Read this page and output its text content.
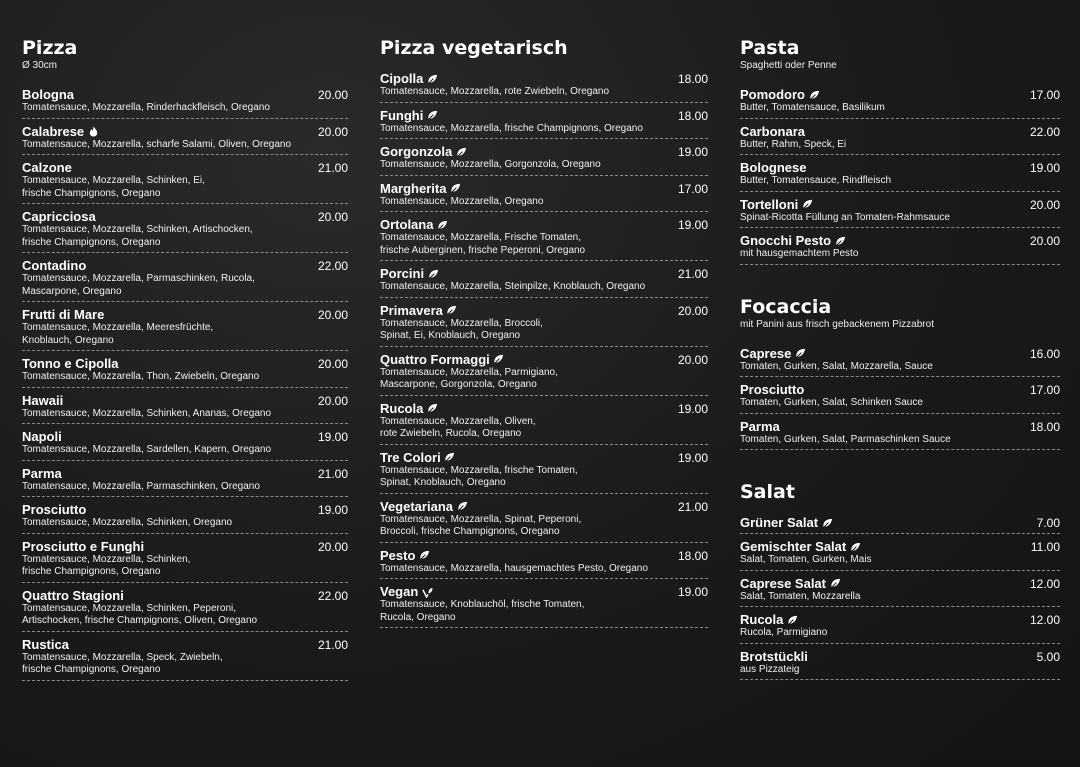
Pizza

Ø 30cm

Bologna	20.00
Tomatensauce, Mozzarella, Rinderhackfleisch, Oregano
Calabrese	20.00
Tomatensauce, Mozzarella, scharfe Salami, Oliven, Oregano
Calzone	21.00
Tomatensauce, Mozzarella, Schinken, Ei,
frische Champignons, Oregano
Capricciosa	20.00
Tomatensauce, Mozzarella, Schinken, Artischocken,
frische Champignons, Oregano
Contadino	22.00
Tomatensauce, Mozzarella, Parmaschinken, Rucola,
Mascarpone, Oregano
Frutti di Mare	20.00
Tomatensauce, Mozzarella, Meeresfrüchte,
Knoblauch, Oregano
Tonno e Cipolla	20.00
Tomatensauce, Mozzarella, Thon, Zwiebeln, Oregano
Hawaii	20.00
Tomatensauce, Mozzarella, Schinken, Ananas, Oregano
Napoli	19.00
Tomatensauce, Mozzarella, Sardellen, Kapern, Oregano
Parma	21.00
Tomatensauce, Mozzarella, Parmaschinken, Oregano
Prosciutto	19.00
Tomatensauce, Mozzarella, Schinken, Oregano
Prosciutto e Funghi	20.00
Tomatensauce, Mozzarella, Schinken,
frische Champignons, Oregano
Quattro Stagioni	22.00
Tomatensauce, Mozzarella, Schinken, Peperoni,
Artischocken, frische Champignons, Oliven, Oregano
Rustica	21.00
Tomatensauce, Mozzarella, Speck, Zwiebeln,
frische Champignons, Oregano
Pizza vegetarisch

Cipolla	18.00
Tomatensauce, Mozzarella, rote Zwiebeln, Oregano
Funghi	18.00
Tomatensauce, Mozzarella, frische Champignons, Oregano
Gorgonzola	19.00
Tomatensauce, Mozzarella, Gorgonzola, Oregano
Margherita	17.00
Tomatensauce, Mozzarella, Oregano
Ortolana	19.00
Tomatensauce, Mozzarella, Frische Tomaten,
frische Auberginen, frische Peperoni, Oregano
Porcini	21.00
Tomatensauce, Mozzarella, Steinpilze, Knoblauch, Oregano
Primavera	20.00
Tomatensauce, Mozzarella, Broccoli,
Spinat, Ei, Knoblauch, Oregano
Quattro Formaggi	20.00
Tomatensauce, Mozzarella, Parmigiano,
Mascarpone, Gorgonzola, Oregano
Rucola	19.00
Tomatensauce, Mozzarella, Oliven,
rote Zwiebeln, Rucola, Oregano
Tre Colori	19.00
Tomatensauce, Mozzarella, frische Tomaten,
Spinat, Knoblauch, Oregano
Vegetariana	21.00
Tomatensauce, Mozzarella, Spinat, Peperoni,
Broccoli, frische Champignons, Oregano
Pesto	18.00
Tomatensauce, Mozzarella, hausgemachtes Pesto, Oregano
Vegan	19.00
Tomatensauce, Knoblauchöl, frische Tomaten,
Rucola, Oregano
Pasta

Spaghetti oder Penne

Pomodoro	17.00
Butter, Tomatensauce, Basilikum
Carbonara	22.00
Butter, Rahm, Speck, Ei
Bolognese	19.00
Butter, Tomatensauce, Rindfleisch
Tortelloni	20.00
Spinat-Ricotta Füllung an Tomaten-Rahmsauce
Gnocchi Pesto	20.00
mit hausgemachtem Pesto
Focaccia

mit Panini aus frisch gebackenem Pizzabrot

Caprese	16.00
Tomaten, Gurken, Salat, Mozzarella, Sauce
Prosciutto	17.00
Tomaten, Gurken, Salat, Schinken Sauce
Parma	18.00
Tomaten, Gurken, Salat, Parmaschinken Sauce
Salat

Grüner Salat	7.00
Gemischter Salat	11.00
Salat, Tomaten, Gurken, Mais
Caprese Salat	12.00
Salat, Tomaten, Mozzarella
Rucola	12.00
Rucola, Parmigiano
Brotstückli	5.00
aus Pizzateig
